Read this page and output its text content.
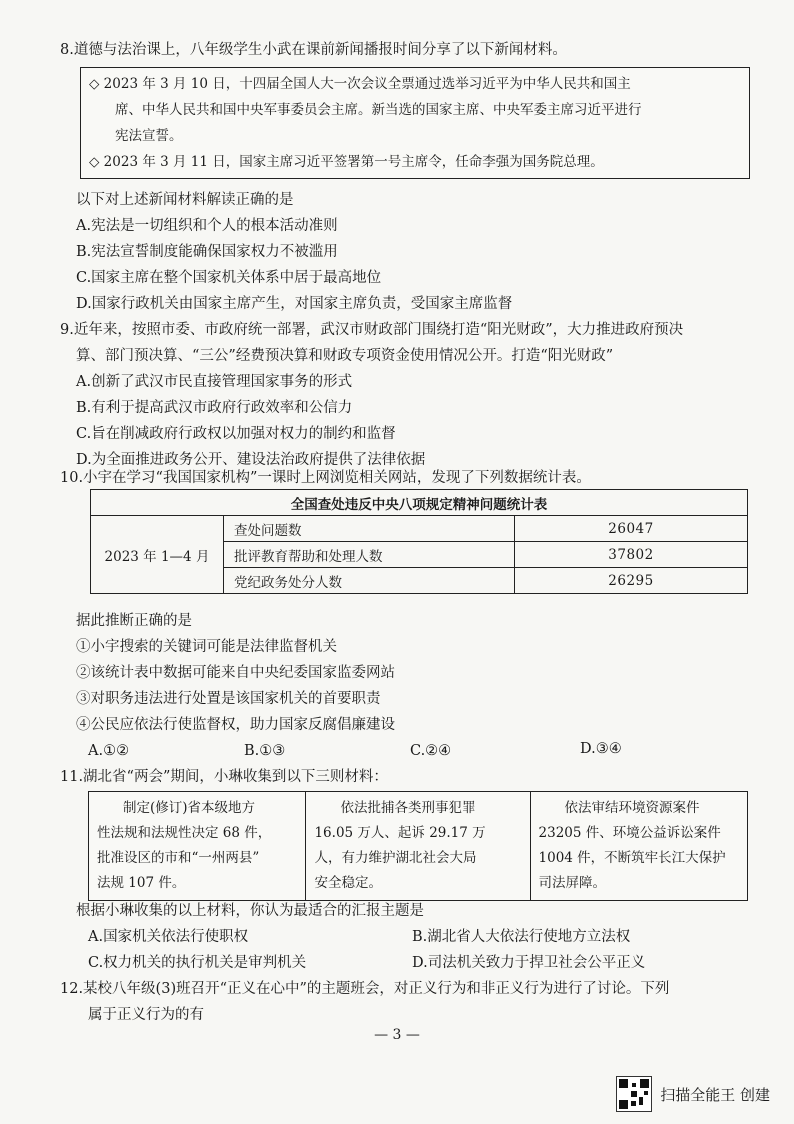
8.道德与法治课上，八年级学生小武在课前新闻播报时间分享了以下新闻材料。
◇ 2023 年 3 月 10 日，十四届全国人大一次会议全票通过选举习近平为中华人民共和国主
席、中华人民共和国中央军事委员会主席。新当选的国家主席、中央军委主席习近平进行
宪法宣誓。
◇ 2023 年 3 月 11 日，国家主席习近平签署第一号主席令，任命李强为国务院总理。
以下对上述新闻材料解读正确的是
A.宪法是一切组织和个人的根本活动准则
B.宪法宣誓制度能确保国家权力不被滥用
C.国家主席在整个国家机关体系中居于最高地位
D.国家行政机关由国家主席产生，对国家主席负责，受国家主席监督
9.近年来，按照市委、市政府统一部署，武汉市财政部门围绕打造“阳光财政”，大力推进政府预决
算、部门预决算、“三公”经费预决算和财政专项资金使用情况公开。打造“阳光财政”
A.创新了武汉市民直接管理国家事务的形式
B.有利于提高武汉市政府行政效率和公信力
C.旨在削减政府行政权以加强对权力的制约和监督
D.为全面推进政务公开、建设法治政府提供了法律依据
10.小宇在学习“我国国家机构”一课时上网浏览相关网站，发现了下列数据统计表。
全国查处违反中央八项规定精神问题统计表		
2023 年 1—4 月	查处问题数	26047
	批评教育帮助和处理人数	37802
	党纪政务处分人数	26295
据此推断正确的是
①小宇搜索的关键词可能是法律监督机关
②该统计表中数据可能来自中央纪委国家监委网站
③对职务违法进行处置是该国家机关的首要职责
④公民应依法行使监督权，助力国家反腐倡廉建设
A.①②	B.①③	C.②④	D.③④
11.湖北省“两会”期间，小琳收集到以下三则材料：
制定(修订)省本级地方
性法规和法规性决定 68 件，
批准设区的市和“一州两县”
法规 107 件。

依法批捕各类刑事犯罪
16.05 万人、起诉 29.17 万
人，有力维护湖北社会大局
安全稳定。

依法审结环境资源案件
23205 件、环境公益诉讼案件
1004 件，不断筑牢长江大保护
司法屏障。
根据小琳收集的以上材料，你认为最适合的汇报主题是
A.国家机关依法行使职权	B.湖北省人大依法行使地方立法权
C.权力机关的执行机关是审判机关	D.司法机关致力于捍卫社会公平正义
12.某校八年级(3)班召开“正义在心中”的主题班会，对正义行为和非正义行为进行了讨论。下列
属于正义行为的有
— 3 —
扫描全能王 创建
